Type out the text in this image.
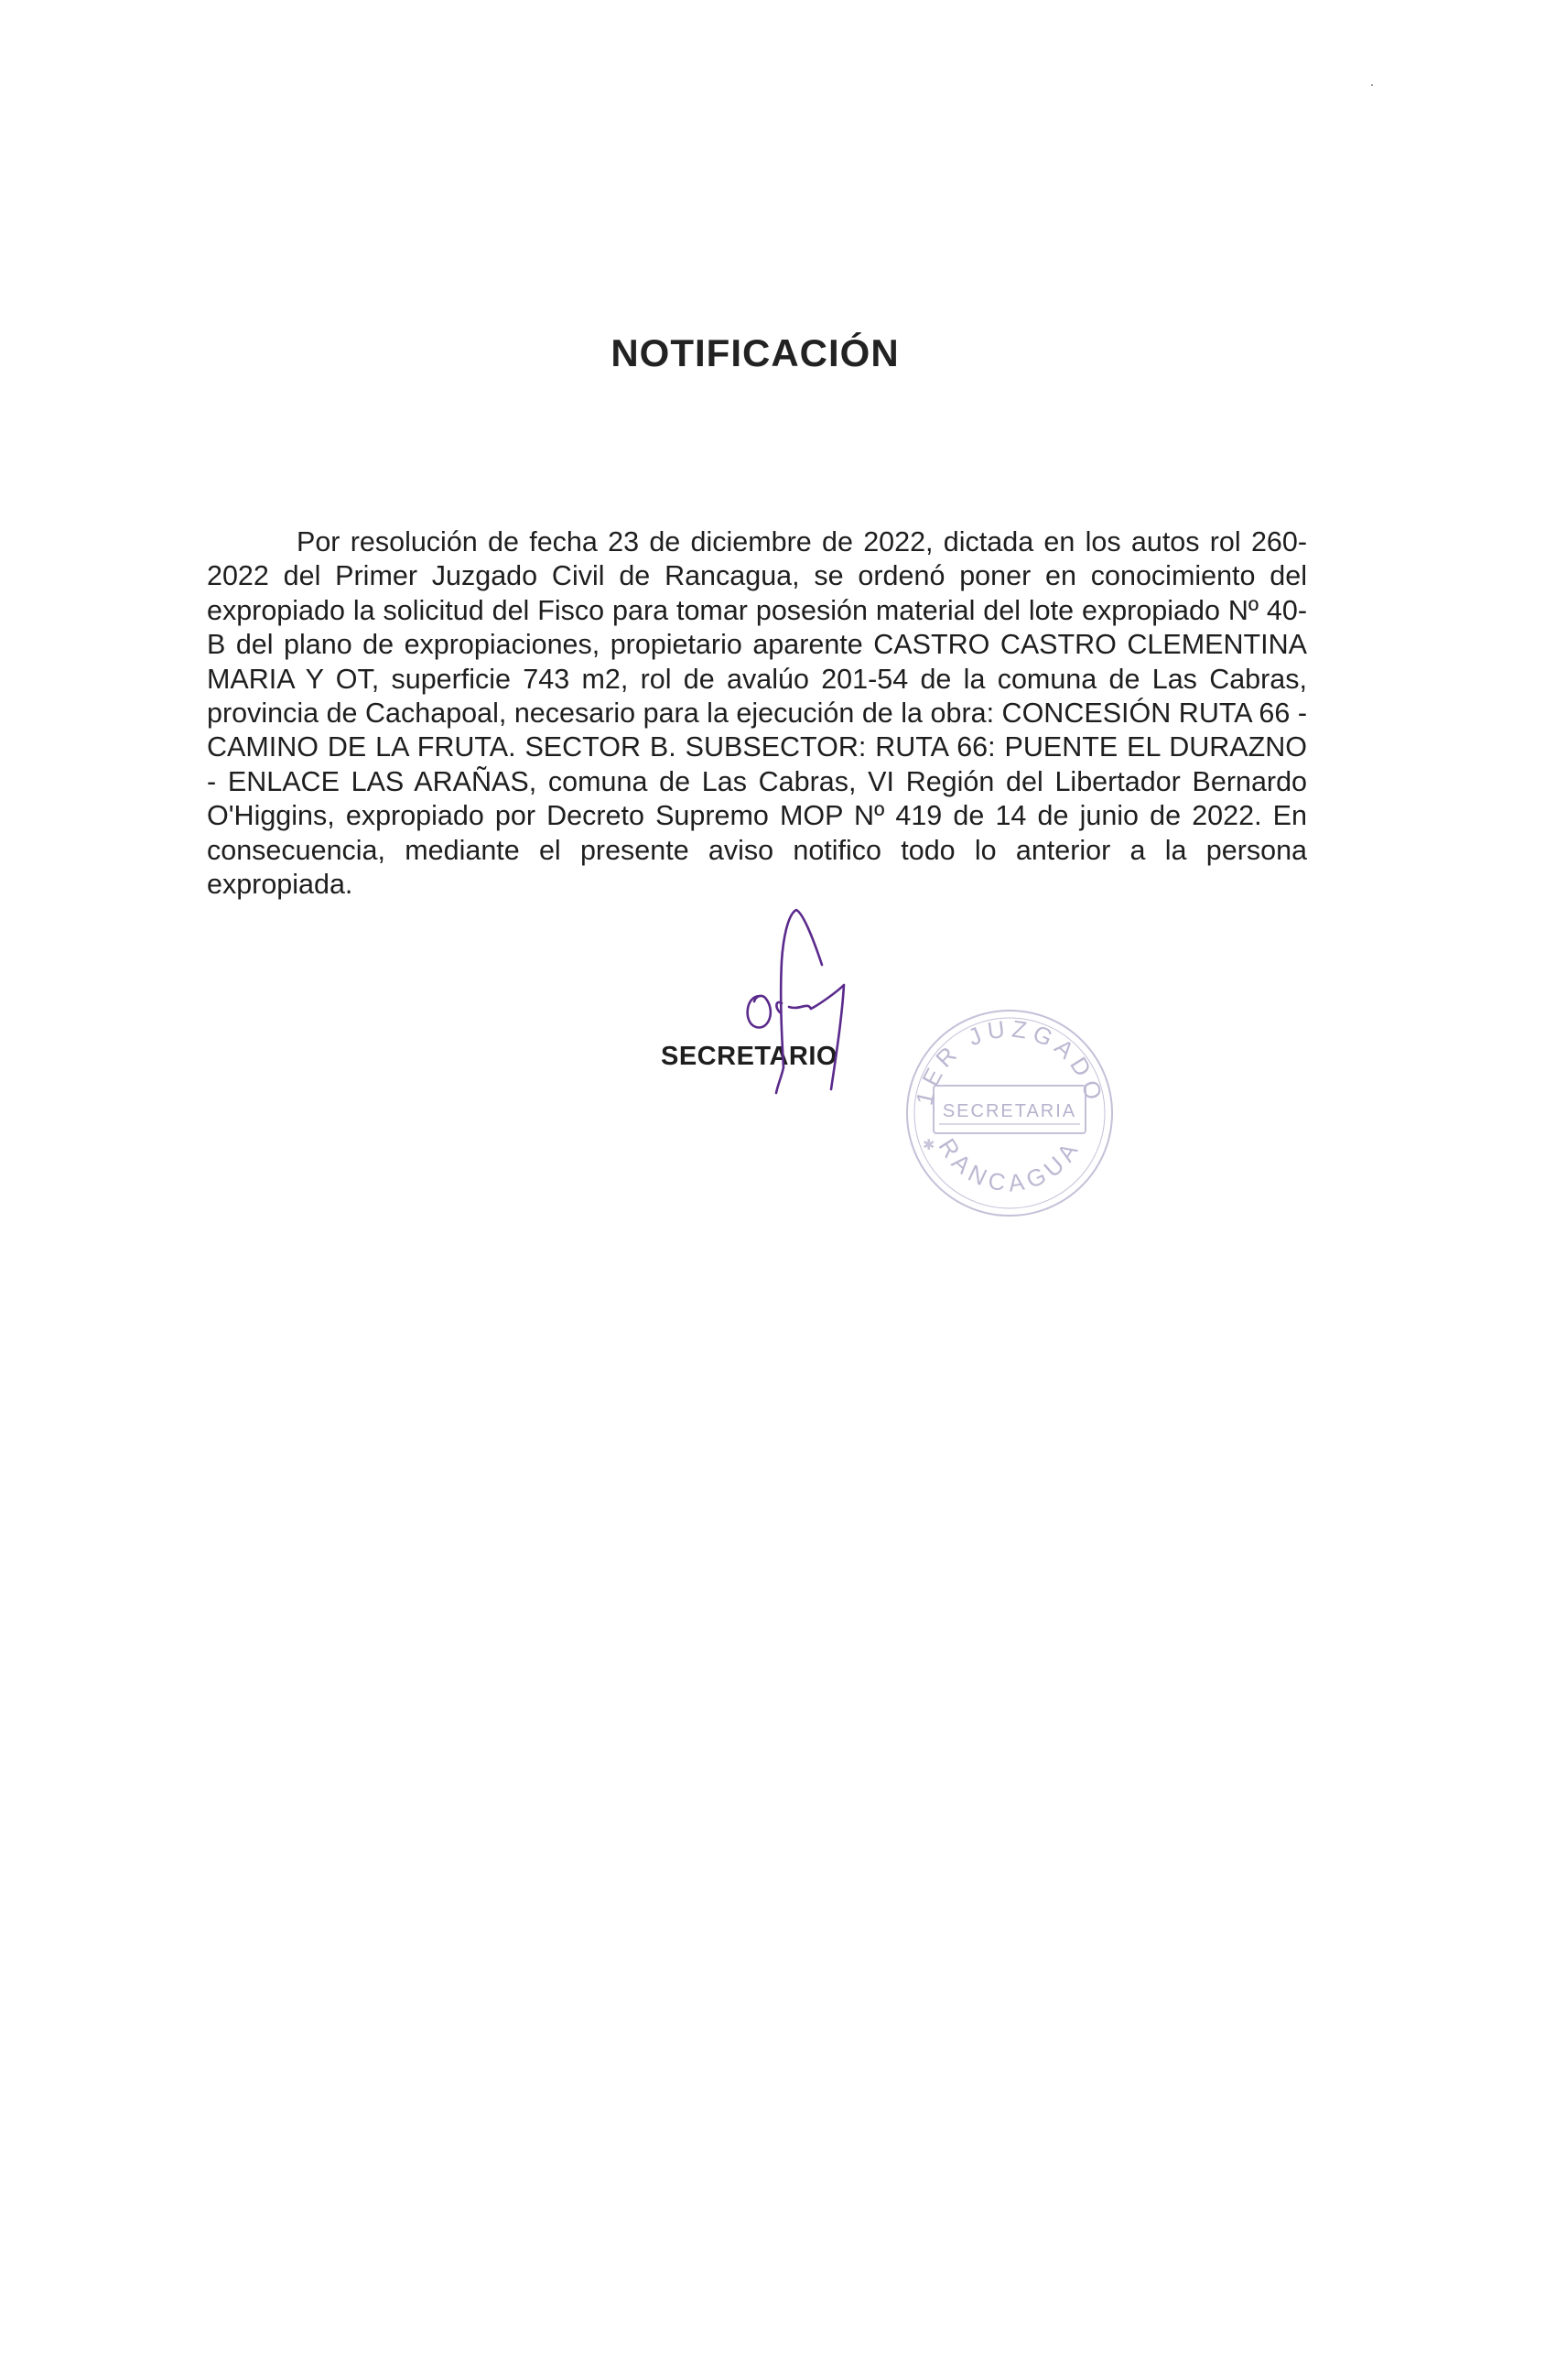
NOTIFICACIÓN
Por resolución de fecha 23 de diciembre de 2022, dictada en los autos rol 260-2022 del Primer Juzgado Civil de Rancagua, se ordenó poner en conocimiento del expropiado la solicitud del Fisco para tomar posesión material del lote expropiado Nº 40-B del plano de expropiaciones, propietario aparente CASTRO CASTRO CLEMENTINA MARIA Y OT, superficie 743 m2, rol de avalúo 201-54 de la comuna de Las Cabras, provincia de Cachapoal, necesario para la ejecución de la obra: CONCESIÓN RUTA 66 - CAMINO DE LA FRUTA. SECTOR B. SUBSECTOR: RUTA 66: PUENTE EL DURAZNO - ENLACE LAS ARAÑAS, comuna de Las Cabras, VI Región del Libertador Bernardo O'Higgins, expropiado por Decreto Supremo MOP Nº 419 de 14 de junio de 2022. En consecuencia, mediante el presente aviso notifico todo lo anterior a la persona expropiada.
SECRETARIO
1ER JUZGADO
RANCAGUA
SECRETARIA
✱
